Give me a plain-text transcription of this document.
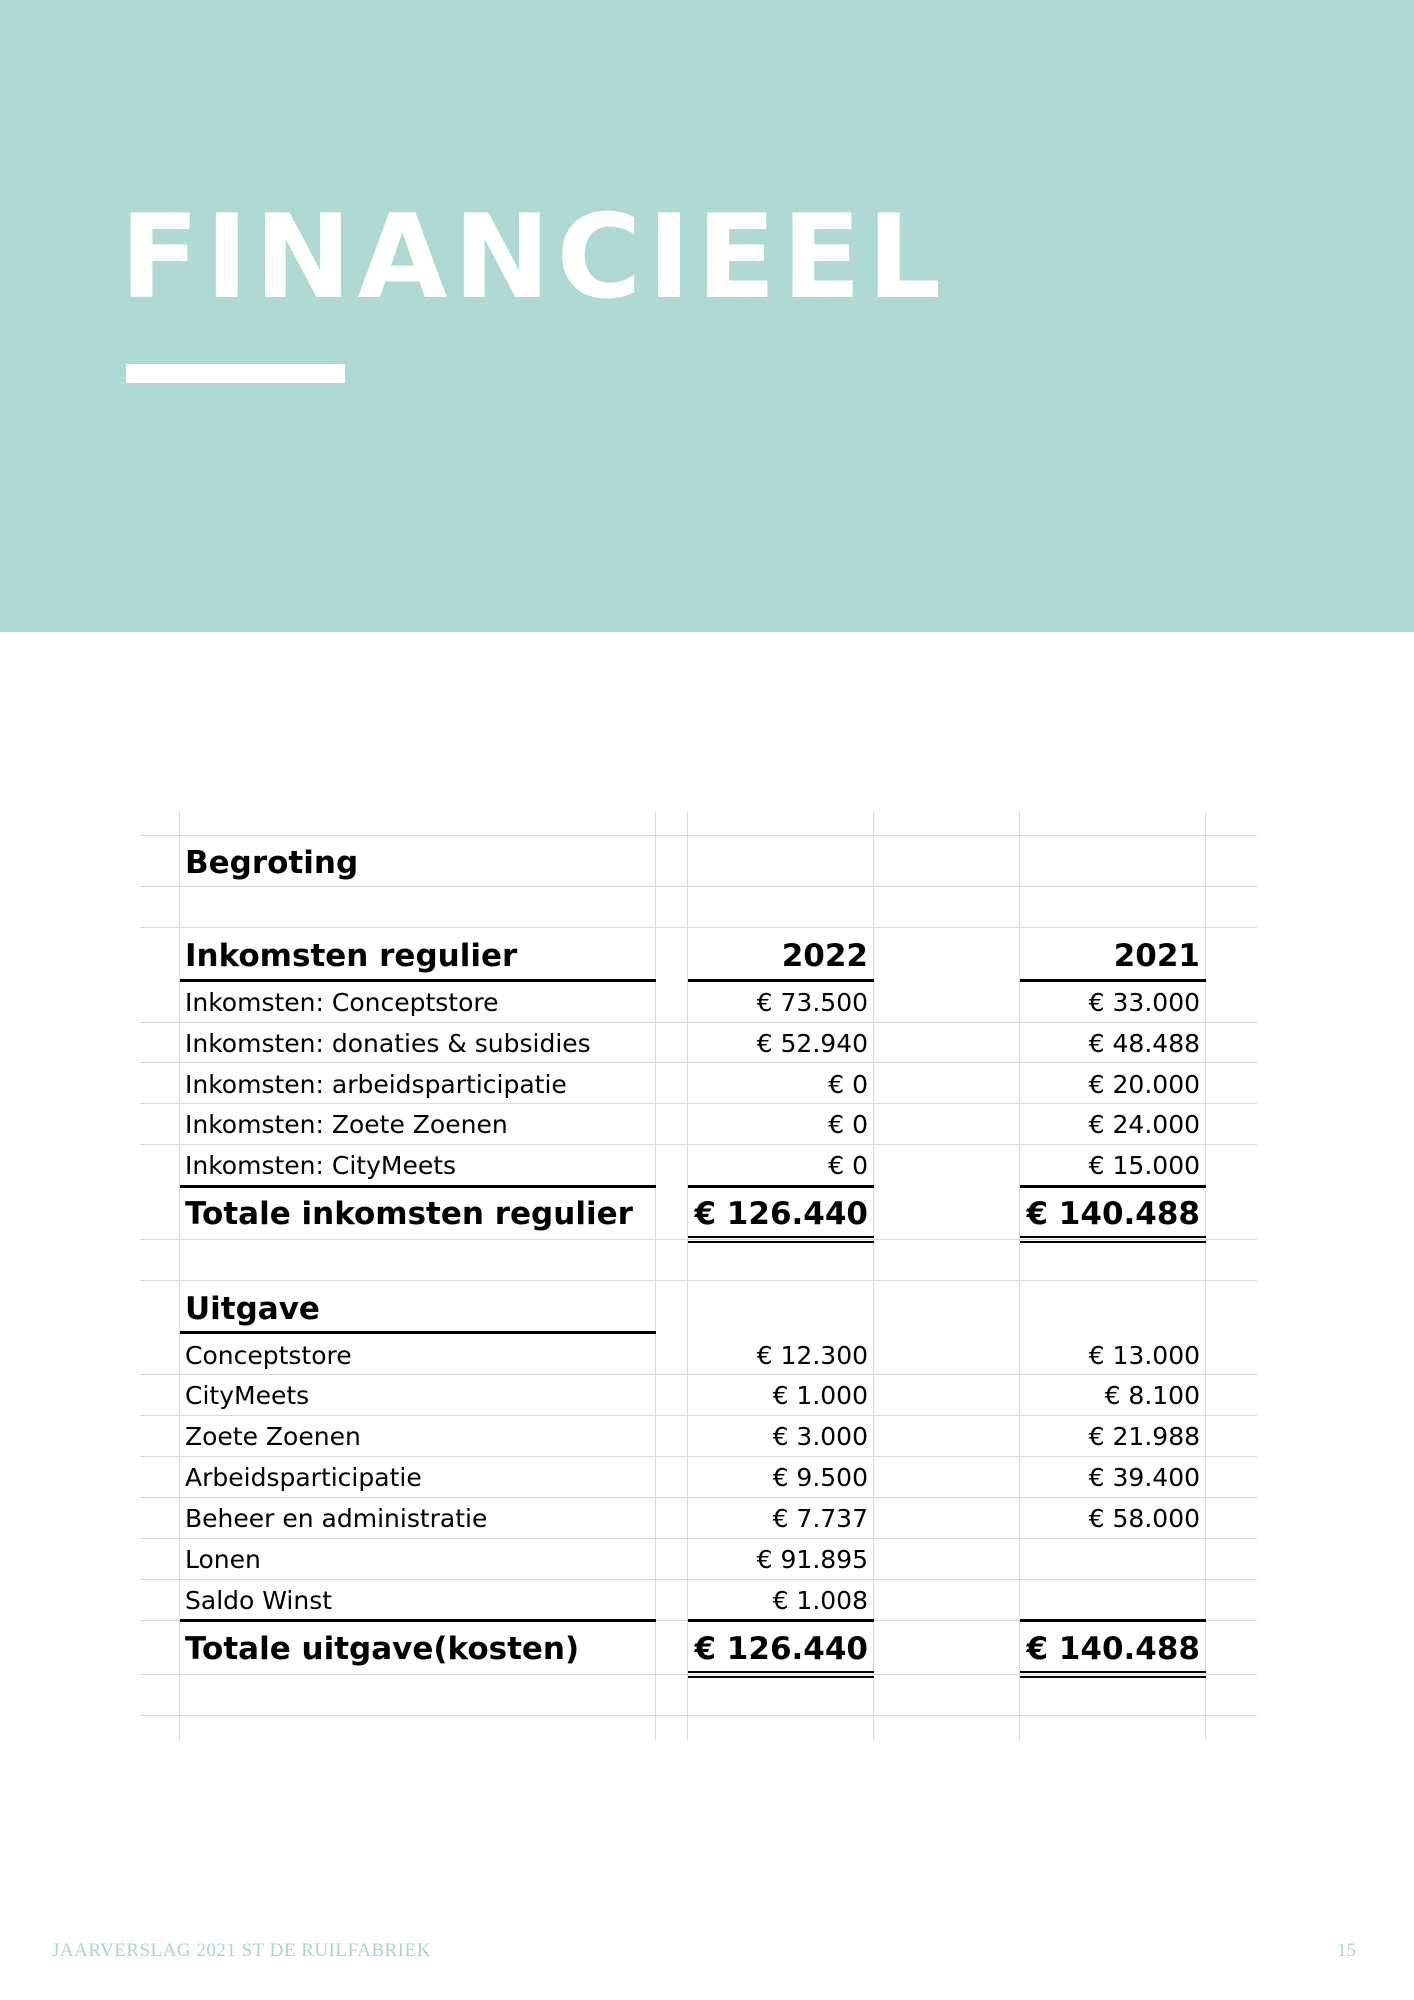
FINANCIEEL
Begroting
Inkomsten regulier	2022	2021
Inkomsten: Conceptstore	€ 73.500	€ 33.000
Inkomsten: donaties & subsidies	€ 52.940	€ 48.488
Inkomsten: arbeidsparticipatie	€ 0	€ 20.000
Inkomsten: Zoete Zoenen	€ 0	€ 24.000
Inkomsten: CityMeets	€ 0	€ 15.000
Totale inkomsten regulier € 126.440	€ 140.488
Uitgave
Conceptstore	€ 12.300	€ 13.000
CityMeets	€ 1.000	€ 8.100
Zoete Zoenen	€ 3.000	€ 21.988
Arbeidsparticipatie	€ 9.500	€ 39.400
Beheer en administratie	€ 7.737	€ 58.000
Lonen	€ 91.895
Saldo Winst	€ 1.008
Totale uitgave(kosten)	€ 126.440	€ 140.488
JAARVERSLAG 2021 ST DE RUILFABRIEK	15
